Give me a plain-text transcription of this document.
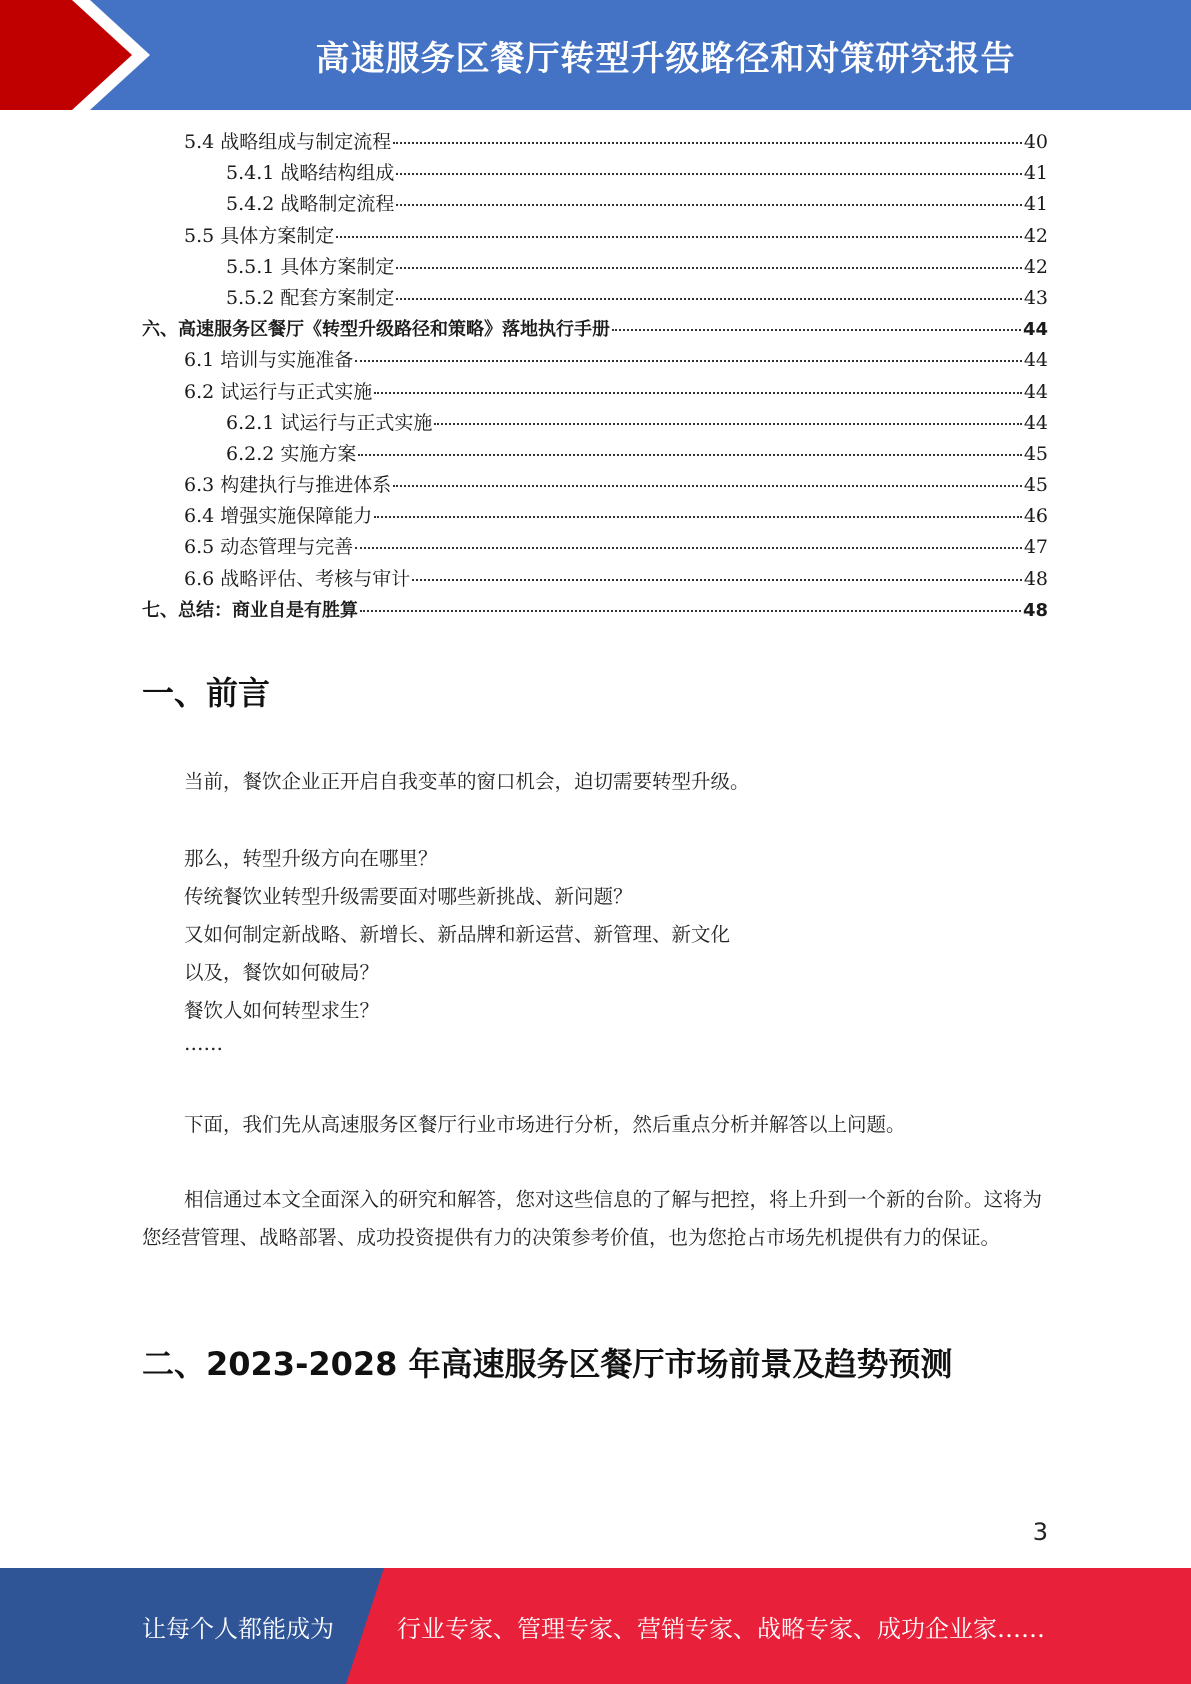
高速服务区餐厅转型升级路径和对策研究报告
5.4 战略组成与制定流程	40
5.4.1 战略结构组成	41
5.4.2 战略制定流程	41
5.5 具体方案制定	42
5.5.1 具体方案制定	42
5.5.2 配套方案制定	43
六、高速服务区餐厅《转型升级路径和策略》落地执行手册	44
6.1 培训与实施准备	44
6.2 试运行与正式实施	44
6.2.1 试运行与正式实施	44
6.2.2 实施方案	45
6.3 构建执行与推进体系	45
6.4 增强实施保障能力	46
6.5 动态管理与完善	47
6.6 战略评估、考核与审计	48
七、总结：商业自是有胜算	48
一、前言
当前，餐饮企业正开启自我变革的窗口机会，迫切需要转型升级。
那么，转型升级方向在哪里？
传统餐饮业转型升级需要面对哪些新挑战、新问题？
又如何制定新战略、新增长、新品牌和新运营、新管理、新文化
以及，餐饮如何破局？
餐饮人如何转型求生？
……
下面，我们先从高速服务区餐厅行业市场进行分析，然后重点分析并解答以上问题。
相信通过本文全面深入的研究和解答，您对这些信息的了解与把控，将上升到一个新的台阶。这将为您经营管理、战略部署、成功投资提供有力的决策参考价值，也为您抢占市场先机提供有力的保证。
二、2023-2028 年高速服务区餐厅市场前景及趋势预测
3
让每个人都能成为	行业专家、管理专家、营销专家、战略专家、成功企业家……
